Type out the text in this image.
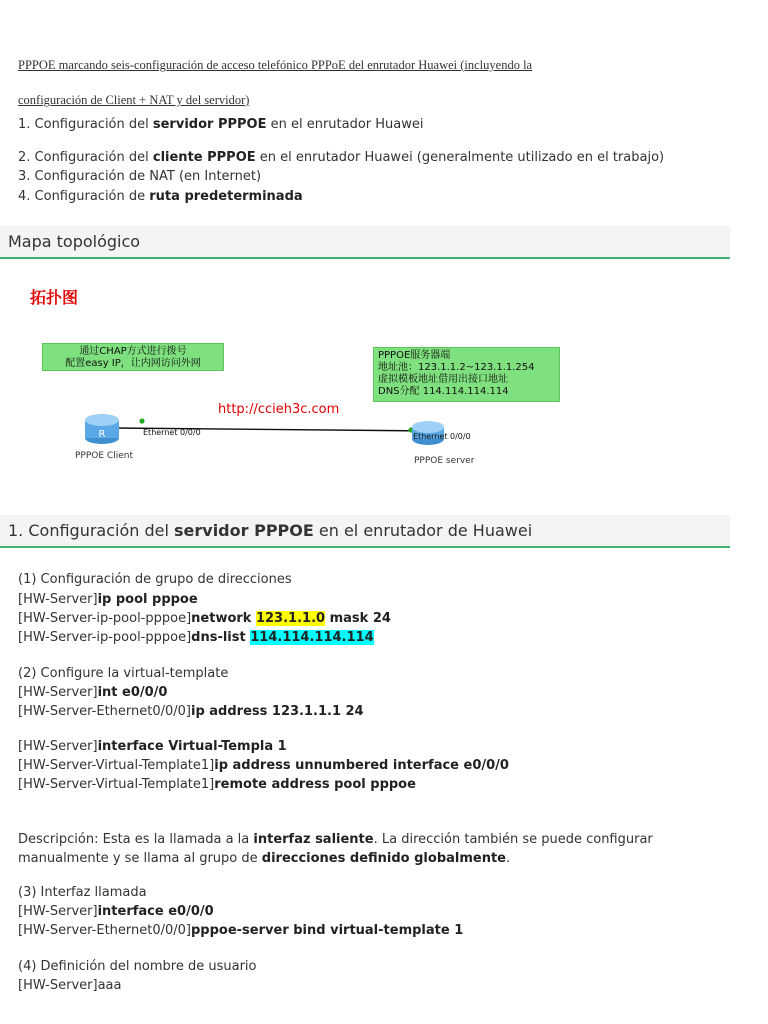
PPPOE marcando seis-configuración de acceso telefónico PPPoE del enrutador Huawei (incluyendo la
configuración de Client + NAT y del servidor)
1. Configuración del servidor PPPOE en el enrutador Huawei
2. Configuración del cliente PPPOE en el enrutador Huawei (generalmente utilizado en el trabajo)
3. Configuración de NAT (en Internet)
4. Configuración de ruta predeterminada
Mapa topológico
拓扑图
通过CHAP方式进行拨号
配置easy IP，让内网访问外网
PPPOE服务器端
地址池：123.1.1.2~123.1.1.254
虚拟模板地址借用出接口地址
DNS分配 114.114.114.114
http://ccieh3c.com
R	Ethernet 0/0/0	Ethernet 0/0/0
PPPOE Client	PPPOE server
1. Configuración del servidor PPPOE en el enrutador de Huawei
(1) Configuración de grupo de direcciones
[HW-Server]ip pool pppoe
[HW-Server-ip-pool-pppoe]network 123.1.1.0 mask 24
[HW-Server-ip-pool-pppoe]dns-list 114.114.114.114
(2) Configure la virtual-template
[HW-Server]int e0/0/0
[HW-Server-Ethernet0/0/0]ip address 123.1.1.1 24
[HW-Server]interface Virtual-Templa 1
[HW-Server-Virtual-Template1]ip address unnumbered interface e0/0/0
[HW-Server-Virtual-Template1]remote address pool pppoe
Descripción: Esta es la llamada a la interfaz saliente. La dirección también se puede configurar
manualmente y se llama al grupo de direcciones definido globalmente.
(3) Interfaz llamada
[HW-Server]interface e0/0/0
[HW-Server-Ethernet0/0/0]pppoe-server bind virtual-template 1
(4) Definición del nombre de usuario
[HW-Server]aaa
